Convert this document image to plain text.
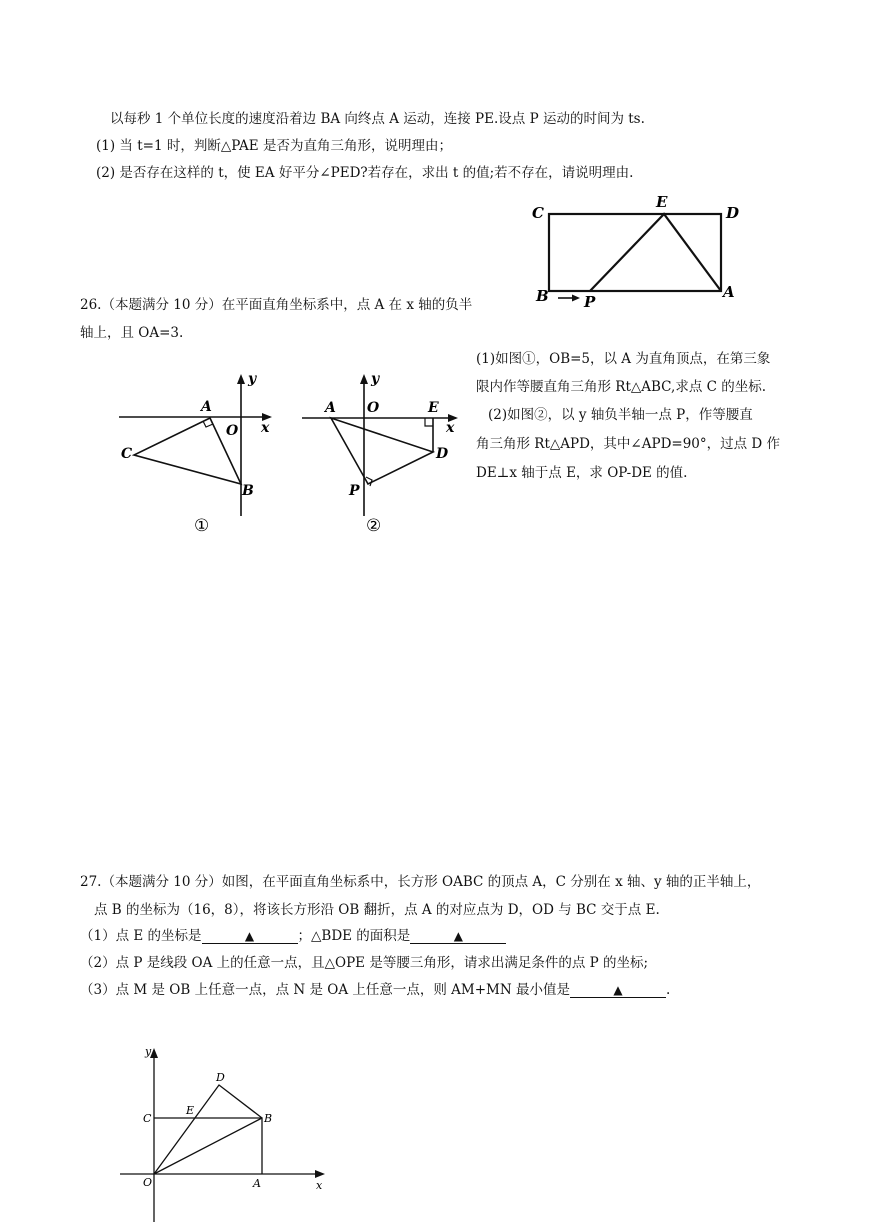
以每秒 1 个单位长度的速度沿着边 BA 向终点 A 运动，连接 PE.设点 P 运动的时间为 ts.
(1) 当 t=1 时，判断△PAE 是否为直角三角形，说明理由；
(2) 是否存在这样的 t，使 EA 好平分∠PED?若存在，求出 t 的值;若不存在，请说明理由.
C
E
D
B P
A
26.（本题满分 10 分）在平面直角坐标系中，点 A 在 x 轴的负半
轴上，且 OA=3.
(1)如图①，OB=5，以 A 为直角顶点，在第三象
限内作等腰直角三角形 Rt△ABC,求点 C 的坐标.
(2)如图②，以 y 轴负半轴一点 P，作等腰直
角三角形 Rt△APD，其中∠APD=90°，过点 D 作
DE⊥x 轴于点 E，求 OP-DE 的值.
y
A
O x
C
B
①
y
A O	E
x
D
P
②
27.（本题满分 10 分）如图，在平面直角坐标系中，长方形 OABC 的顶点 A，C 分别在 x 轴、y 轴的正半轴上，
点 B 的坐标为（16，8），将该长方形沿 OB 翻折，点 A 的对应点为 D，OD 与 BC 交于点 E.
（1）点 E 的坐标是	▲	；△BDE 的面积是	▲
（2）点 P 是线段 OA 上的任意一点，且△OPE 是等腰三角形，请求出满足条件的点 P 的坐标;
（3）点 M 是 OB 上任意一点，点 N 是 OA 上任意一点，则 AM+MN 最小值是	▲	.
y
D
C
E
B
O	A	x
